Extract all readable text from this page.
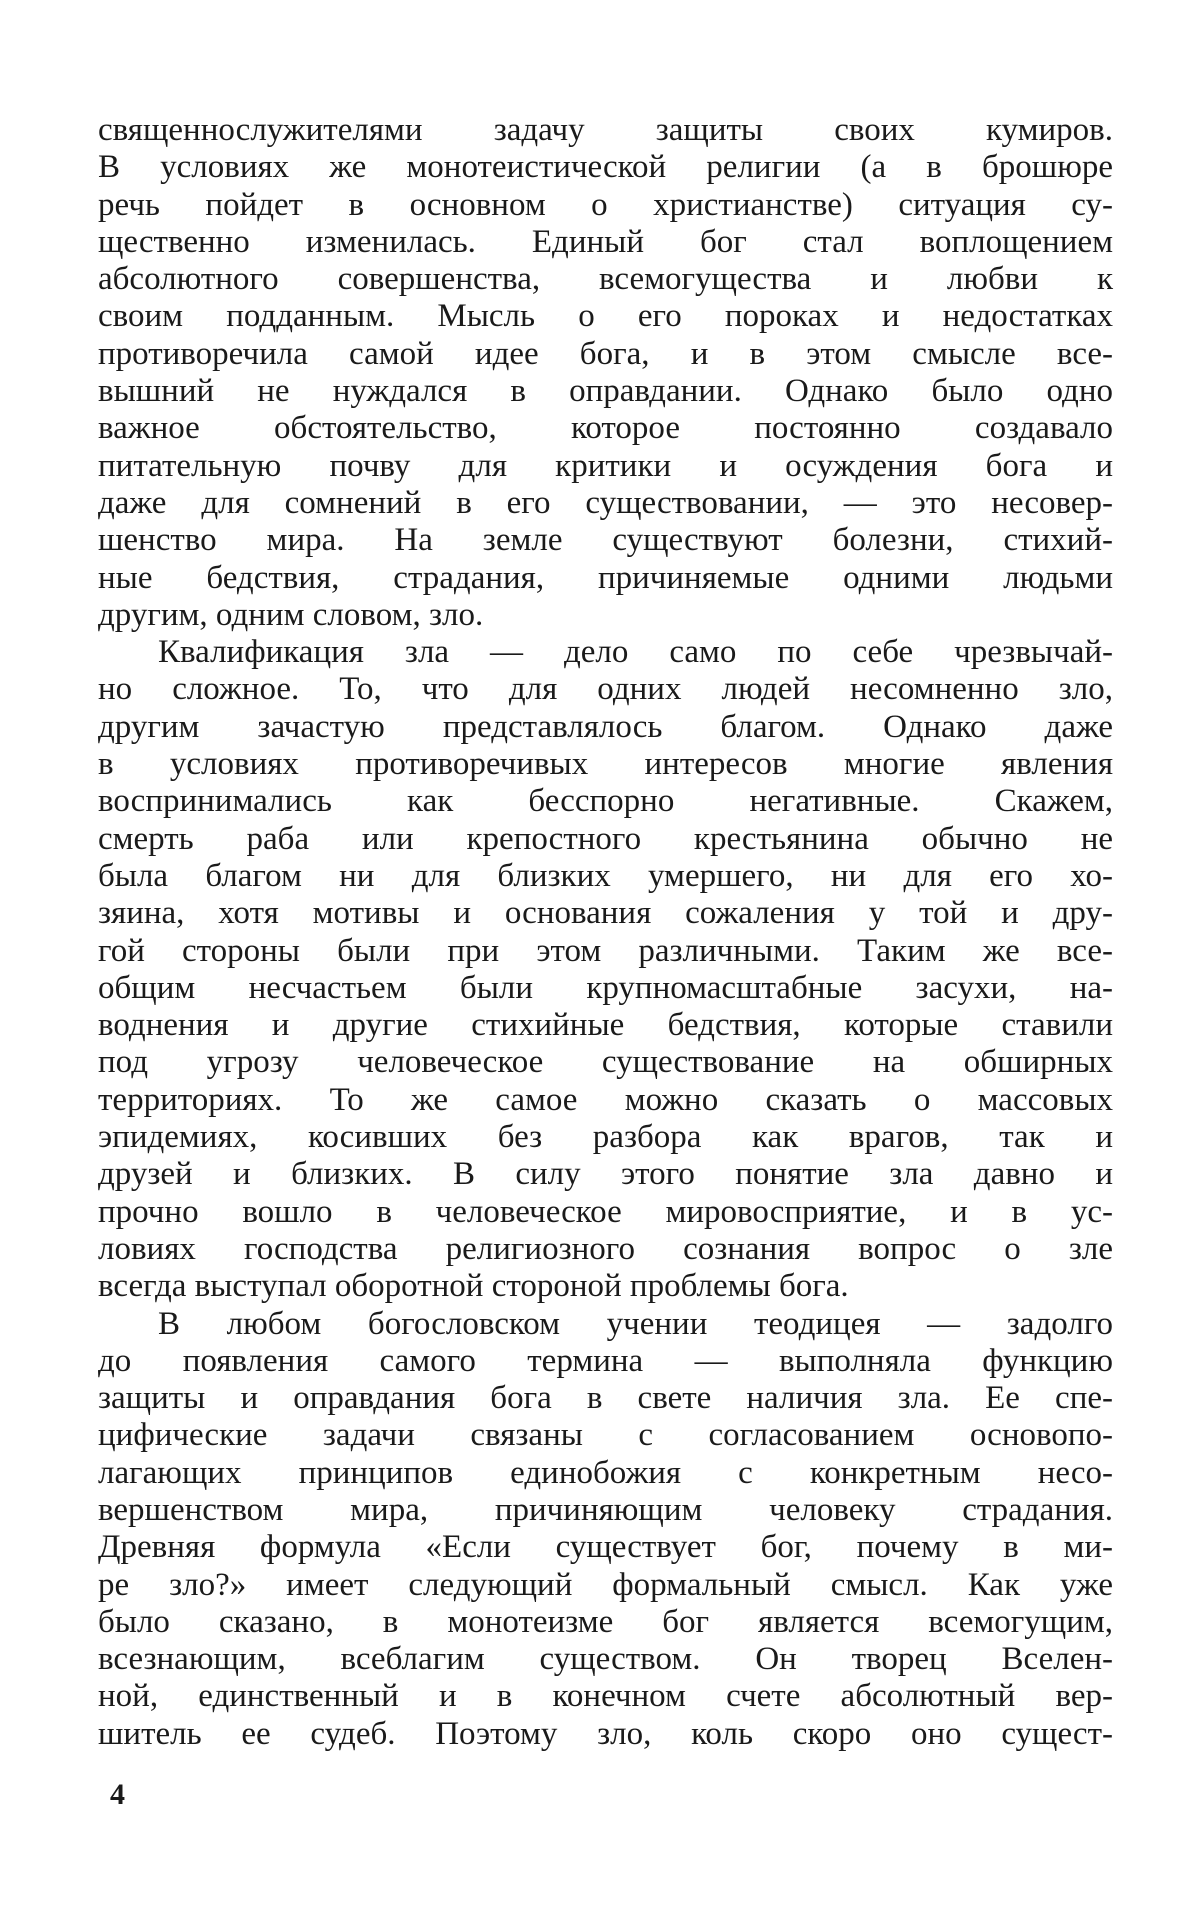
священнослужителями задачу защиты своих кумиров.
В условиях же монотеистической религии (а в брошюре
речь пойдет в основном о христианстве) ситуация су-
щественно изменилась. Единый бог стал воплощением
абсолютного совершенства, всемогущества и любви к
своим подданным. Мысль о его пороках и недостатках
противоречила самой идее бога, и в этом смысле все-
вышний не нуждался в оправдании. Однако было одно
важное обстоятельство, которое постоянно создавало
питательную почву для критики и осуждения бога и
даже для сомнений в его существовании, — это несовер-
шенство мира. На земле существуют болезни, стихий-
ные бедствия, страдания, причиняемые одними людьми
другим, одним словом, зло.
Квалификация зла — дело само по себе чрезвычай-
но сложное. То, что для одних людей несомненно зло,
другим зачастую представлялось благом. Однако даже
в условиях противоречивых интересов многие явления
воспринимались как бесспорно негативные. Скажем,
смерть раба или крепостного крестьянина обычно не
была благом ни для близких умершего, ни для его хо-
зяина, хотя мотивы и основания сожаления у той и дру-
гой стороны были при этом различными. Таким же все-
общим несчастьем были крупномасштабные засухи, на-
воднения и другие стихийные бедствия, которые ставили
под угрозу человеческое существование на обширных
территориях. То же самое можно сказать о массовых
эпидемиях, косивших без разбора как врагов, так и
друзей и близких. В силу этого понятие зла давно и
прочно вошло в человеческое мировосприятие, и в ус-
ловиях господства религиозного сознания вопрос о зле
всегда выступал оборотной стороной проблемы бога.
В любом богословском учении теодицея — задолго
до появления самого термина — выполняла функцию
защиты и оправдания бога в свете наличия зла. Ее спе-
цифические задачи связаны с согласованием основопо-
лагающих принципов единобожия с конкретным несо-
вершенством мира, причиняющим человеку страдания.
Древняя формула «Если существует бог, почему в ми-
ре зло?» имеет следующий формальный смысл. Как уже
было сказано, в монотеизме бог является всемогущим,
всезнающим, всеблагим существом. Он творец Вселен-
ной, единственный и в конечном счете абсолютный вер-
шитель ее судеб. Поэтому зло, коль скоро оно сущест-
4
